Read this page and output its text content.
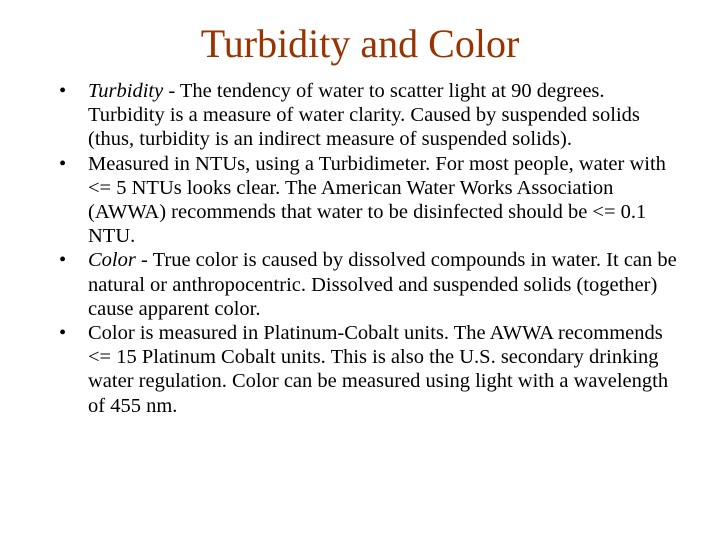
Turbidity and Color
• Turbidity - The tendency of water to scatter light at 90 degrees. Turbidity is a measure of water clarity. Caused by suspended solids (thus, turbidity is an indirect measure of suspended solids).
• Measured in NTUs, using a Turbidimeter. For most people, water with <= 5 NTUs looks clear. The American Water Works Association (AWWA) recommends that water to be disinfected should be <= 0.1 NTU.
• Color - True color is caused by dissolved compounds in water. It can be natural or anthropocentric. Dissolved and suspended solids (together) cause apparent color.
• Color is measured in Platinum-Cobalt units. The AWWA recommends <= 15 Platinum Cobalt units. This is also the U.S. secondary drinking water regulation. Color can be measured using light with a wavelength of 455 nm.
